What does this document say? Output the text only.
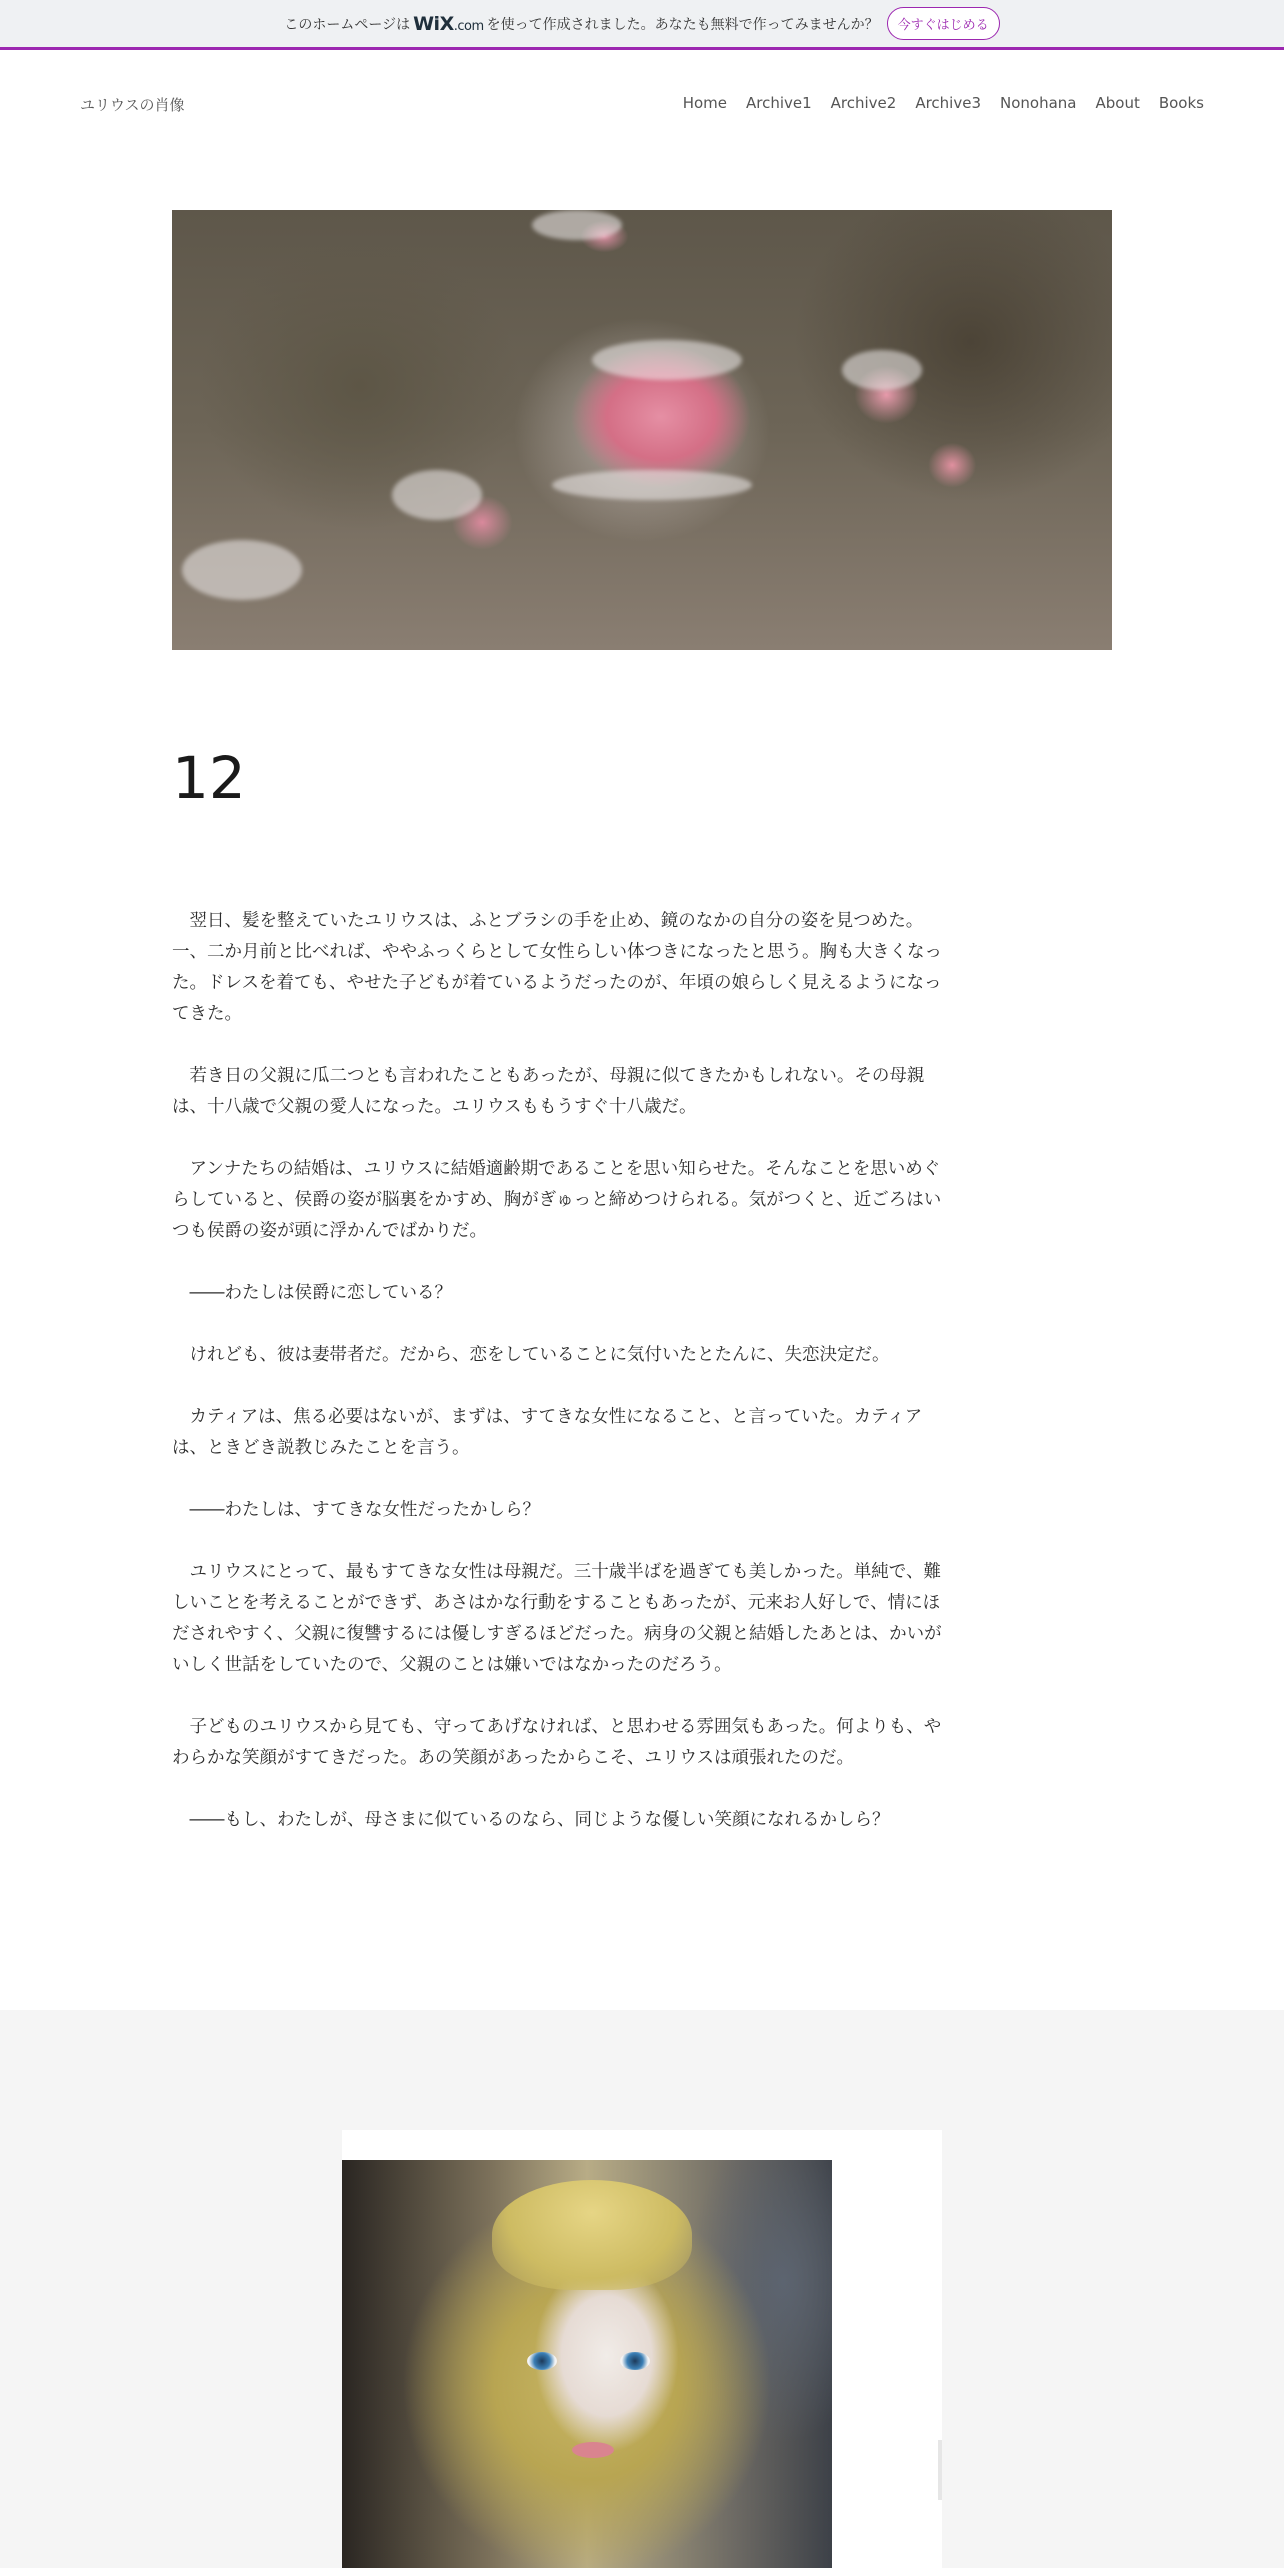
このホームページは WiX.com を使って作成されました。あなたも無料で作ってみませんか？	今すぐはじめる
ユリウスの肖像	Home Archive1 Archive2 Archive3 Nonohana About Books
12

翌日、髪を整えていたユリウスは、ふとブラシの手を止め、鏡のなかの自分の姿を見つめた。一、二か月前と比べれば、ややふっくらとして女性らしい体つきになったと思う。胸も大きくなった。ドレスを着ても、やせた子どもが着ているようだったのが、年頃の娘らしく見えるようになってきた。

若き日の父親に瓜二つとも言われたこともあったが、母親に似てきたかもしれない。その母親は、十八歳で父親の愛人になった。ユリウスももうすぐ十八歳だ。

アンナたちの結婚は、ユリウスに結婚適齢期であることを思い知らせた。そんなことを思いめぐらしていると、侯爵の姿が脳裏をかすめ、胸がぎゅっと締めつけられる。気がつくと、近ごろはいつも侯爵の姿が頭に浮かんでばかりだ。

――わたしは侯爵に恋している？

けれども、彼は妻帯者だ。だから、恋をしていることに気付いたとたんに、失恋決定だ。

カティアは、焦る必要はないが、まずは、すてきな女性になること、と言っていた。カティアは、ときどき説教じみたことを言う。

――わたしは、すてきな女性だったかしら？

ユリウスにとって、最もすてきな女性は母親だ。三十歳半ばを過ぎても美しかった。単純で、難しいことを考えることができず、あさはかな行動をすることもあったが、元来お人好しで、情にほだされやすく、父親に復讐するには優しすぎるほどだった。病身の父親と結婚したあとは、かいがいしく世話をしていたので、父親のことは嫌いではなかったのだろう。

子どものユリウスから見ても、守ってあげなければ、と思わせる雰囲気もあった。何よりも、やわらかな笑顔がすてきだった。あの笑顔があったからこそ、ユリウスは頑張れたのだ。

――もし、わたしが、母さまに似ているのなら、同じような優しい笑顔になれるかしら？
